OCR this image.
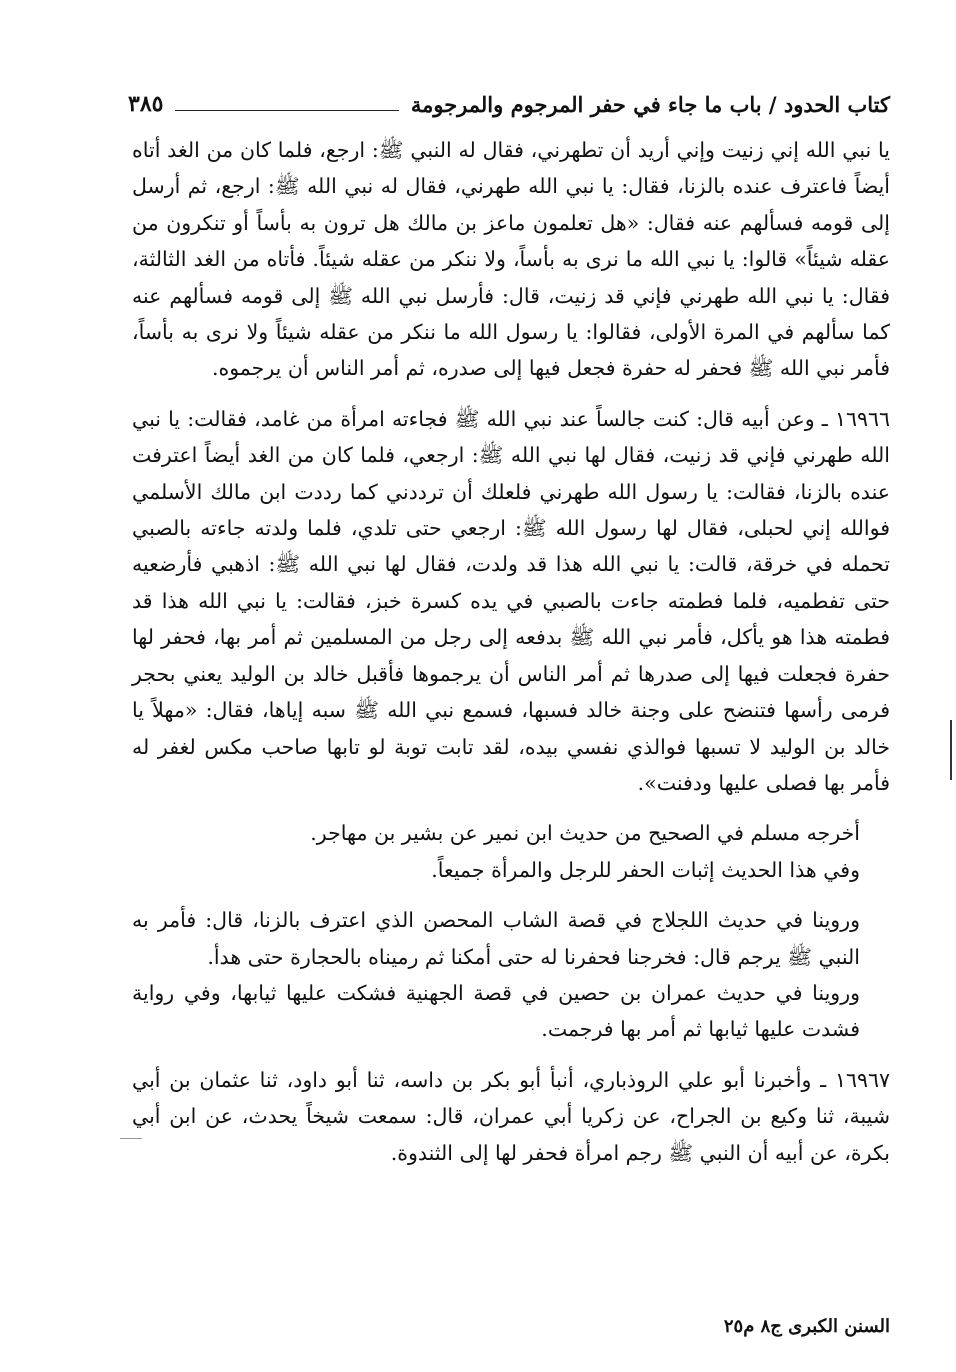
كتاب الحدود / باب ما جاء في حفر المرجوم والمرجومة
٣٨٥

يا نبي الله إني زنيت وإني أريد أن تطهرني، فقال له النبي ﷺ: ارجع، فلما كان من الغد أتاه أيضاً فاعترف عنده بالزنا، فقال: يا نبي الله طهرني، فقال له نبي الله ﷺ: ارجع، ثم أرسل إلى قومه فسألهم عنه فقال: «هل تعلمون ماعز بن مالك هل ترون به بأساً أو تنكرون من عقله شيئاً» قالوا: يا نبي الله ما نرى به بأساً، ولا ننكر من عقله شيئاً. فأتاه من الغد الثالثة، فقال: يا نبي الله طهرني فإني قد زنيت، قال: فأرسل نبي الله ﷺ إلى قومه فسألهم عنه كما سألهم في المرة الأولى، فقالوا: يا رسول الله ما ننكر من عقله شيئاً ولا نرى به بأساً، فأمر نبي الله ﷺ فحفر له حفرة فجعل فيها إلى صدره، ثم أمر الناس أن يرجموه.

١٦٩٦٦ ـ وعن أبيه قال: كنت جالساً عند نبي الله ﷺ فجاءته امرأة من غامد، فقالت: يا نبي الله طهرني فإني قد زنيت، فقال لها نبي الله ﷺ: ارجعي، فلما كان من الغد أيضاً اعترفت عنده بالزنا، فقالت: يا رسول الله طهرني فلعلك أن ترددني كما رددت ابن مالك الأسلمي فوالله إني لحبلى، فقال لها رسول الله ﷺ: ارجعي حتى تلدي، فلما ولدته جاءته بالصبي تحمله في خرقة، قالت: يا نبي الله هذا قد ولدت، فقال لها نبي الله ﷺ: اذهبي فأرضعيه حتى تفطميه، فلما فطمته جاءت بالصبي في يده كسرة خبز، فقالت: يا نبي الله هذا قد فطمته هذا هو يأكل، فأمر نبي الله ﷺ بدفعه إلى رجل من المسلمين ثم أمر بها، فحفر لها حفرة فجعلت فيها إلى صدرها ثم أمر الناس أن يرجموها فأقبل خالد بن الوليد يعني بحجر فرمى رأسها فتنضح على وجنة خالد فسبها، فسمع نبي الله ﷺ سبه إياها، فقال: «مهلاً يا خالد بن الوليد لا تسبها فوالذي نفسي بيده، لقد تابت توبة لو تابها صاحب مكس لغفر له فأمر بها فصلى عليها ودفنت».

أخرجه مسلم في الصحيح من حديث ابن نمير عن بشير بن مهاجر.

وفي هذا الحديث إثبات الحفر للرجل والمرأة جميعاً.

وروينا في حديث اللجلاج في قصة الشاب المحصن الذي اعترف بالزنا، قال: فأمر به النبي ﷺ يرجم قال: فخرجنا فحفرنا له حتى أمكنا ثم رميناه بالحجارة حتى هدأ.

وروينا في حديث عمران بن حصين في قصة الجهنية فشكت عليها ثيابها، وفي رواية فشدت عليها ثيابها ثم أمر بها فرجمت.

١٦٩٦٧ ـ وأخبرنا أبو علي الروذباري، أنبأ أبو بكر بن داسه، ثنا أبو داود، ثنا عثمان بن أبي شيبة، ثنا وكيع بن الجراح، عن زكريا أبي عمران، قال: سمعت شيخاً يحدث، عن ابن أبي بكرة، عن أبيه أن النبي ﷺ رجم امرأة فحفر لها إلى الثندوة.

السنن الكبرى ج٨ م٢٥
